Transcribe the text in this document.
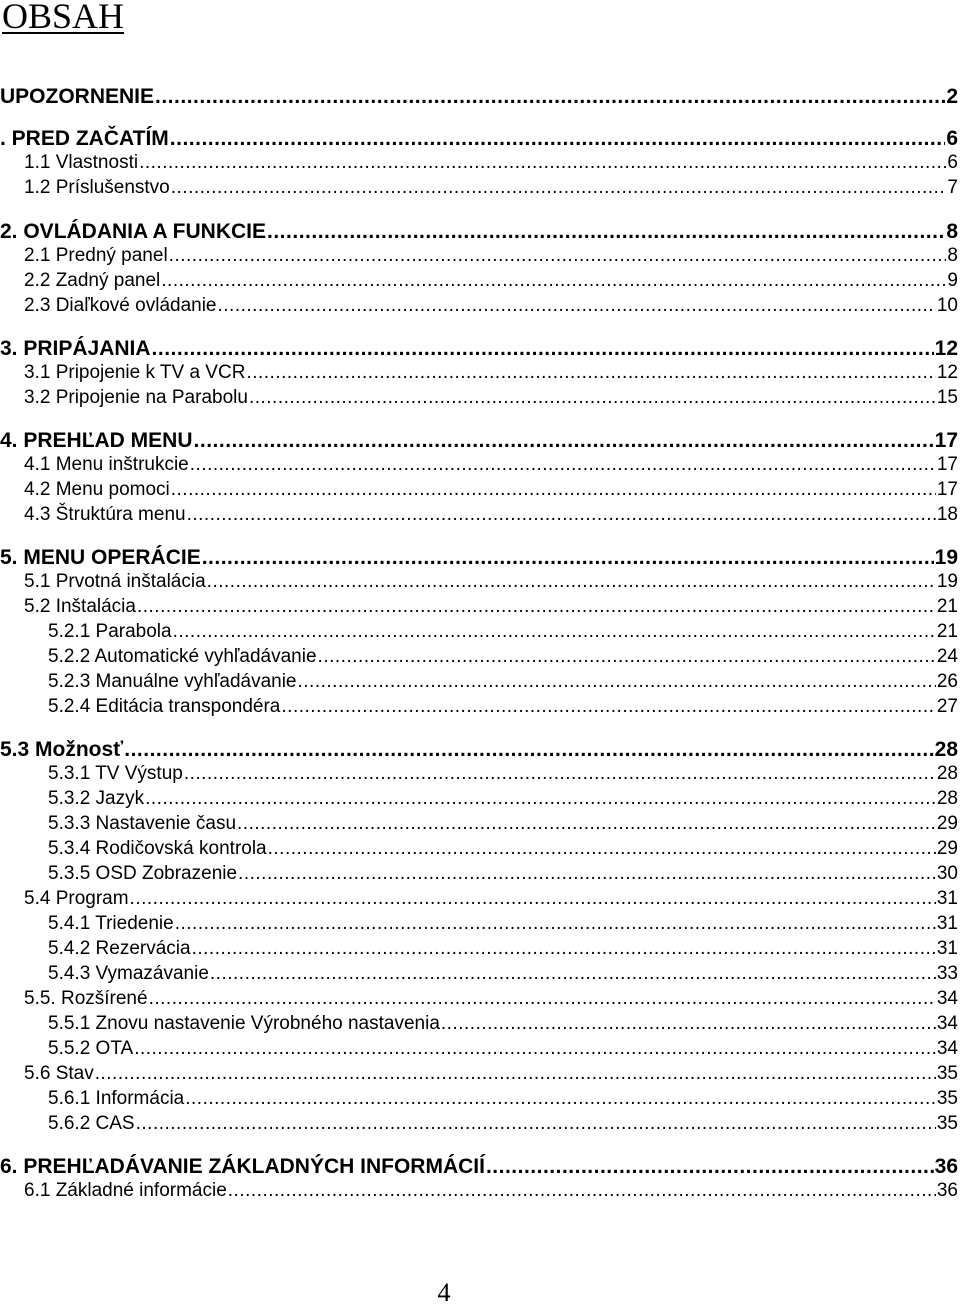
OBSAH
UPOZORNENIE .....	2
. PRED ZAČATÍM .....	6
1.1 Vlastnosti .....	6
1.2 Príslušenstvo .....	7
2. OVLÁDANIA A FUNKCIE .....	8
2.1 Predný panel .....	8
2.2 Zadný panel .....	9
2.3 Diaľkové ovládanie .....	10
3. PRIPÁJANIA .....	12
3.1 Pripojenie k TV a VCR .....	12
3.2 Pripojenie na Parabolu .....	15
4. PREHĽAD MENU .....	17
4.1 Menu inštrukcie .....	17
4.2 Menu pomoci .....	17
4.3 Štruktúra menu .....	18
5. MENU OPERÁCIE .....	19
5.1 Prvotná inštalácia .....	19
5.2 Inštalácia .....	21
5.2.1 Parabola .....	21
5.2.2 Automatické vyhľadávanie .....	24
5.2.3 Manuálne vyhľadávanie .....	26
5.2.4 Editácia transpondéra .....	27
5.3 Možnosť .....	28
5.3.1 TV Výstup .....	28
5.3.2 Jazyk .....	28
5.3.3 Nastavenie času .....	29
5.3.4 Rodičovská kontrola .....	29
5.3.5 OSD Zobrazenie .....	30
5.4 Program .....	31
5.4.1 Triedenie .....	31
5.4.2 Rezervácia .....	31
5.4.3 Vymazávanie .....	33
5.5. Rozšírené .....	34
5.5.1 Znovu nastavenie Výrobného nastavenia .....	34
5.5.2 OTA .....	34
5.6 Stav .....	35
5.6.1 Informácia .....	35
5.6.2 CAS .....	35
6. PREHĽADÁVANIE ZÁKLADNÝCH INFORMÁCIÍ .....	36
6.1 Základné informácie .....	36
4
